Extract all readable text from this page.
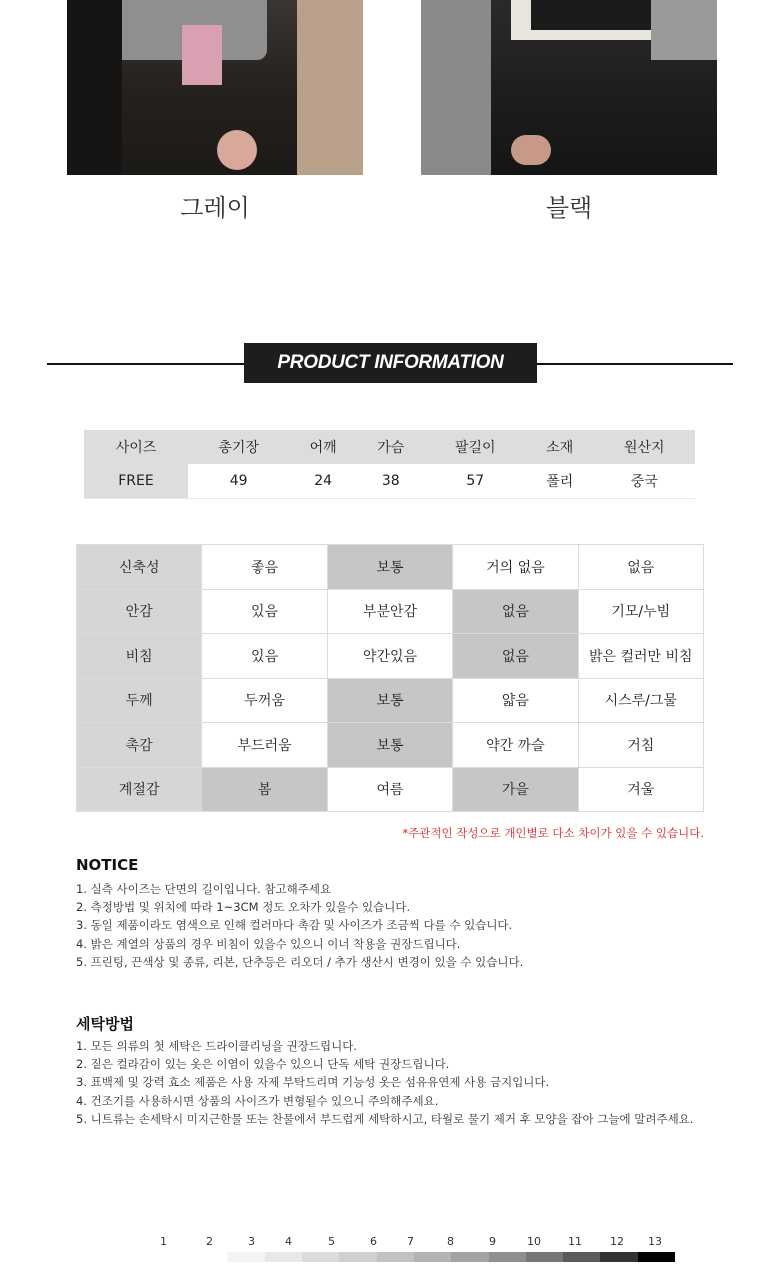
그레이	블랙
PRODUCT INFORMATION
사이즈	총기장	어깨	가슴	팔길이	소재	원산지
FREE	49	24	38	57	폴리	중국
신축성	좋음	보통	거의 없음	없음
안감	있음	부분안감	없음	기모/누빔
비침	있음	약간있음	없음	밝은 컬러만 비침
두께	두꺼움	보통	얇음	시스루/그물
촉감	부드러움	보통	약간 까슬	거침
계절감	봄	여름	가을	겨울
*주관적인 작성으로 개인별로 다소 차이가 있을 수 있습니다.
NOTICE
1. 실측 사이즈는 단면의 길이입니다. 참고해주세요
2. 측정방법 및 위치에 따라 1~3CM 정도 오차가 있을수 있습니다.
3. 동일 제품이라도 염색으로 인해 컬러마다 촉감 및 사이즈가 조금씩 다를 수 있습니다.
4. 밝은 계열의 상품의 경우 비침이 있을수 있으니 이너 착용을 권장드립니다.
5. 프린팅, 끈색상 및 종류, 리본, 단추등은 리오더 / 추가 생산시 변경이 있을 수 있습니다.
세탁방법
1. 모든 의류의 첫 세탁은 드라이클리닝을 권장드립니다.
2. 짙은 컬라감이 있는 옷은 이염이 있을수 있으니 단독 세탁 권장드립니다.
3. 표백제 및 강력 효소 제품은 사용 자제 부탁드리며 기능성 옷은 섬유유연제 사용 금지입니다.
4. 건조기를 사용하시면 상품의 사이즈가 변형될수 있으니 주의해주세요.
5. 니트류는 손세탁시 미지근한물 또는 찬물에서 부드럽게 세탁하시고, 타월로 물기 제거 후 모양을 잡아 그늘에 말려주세요.
1	2	3	4	5	6	7	8	9	10 11	12 13
